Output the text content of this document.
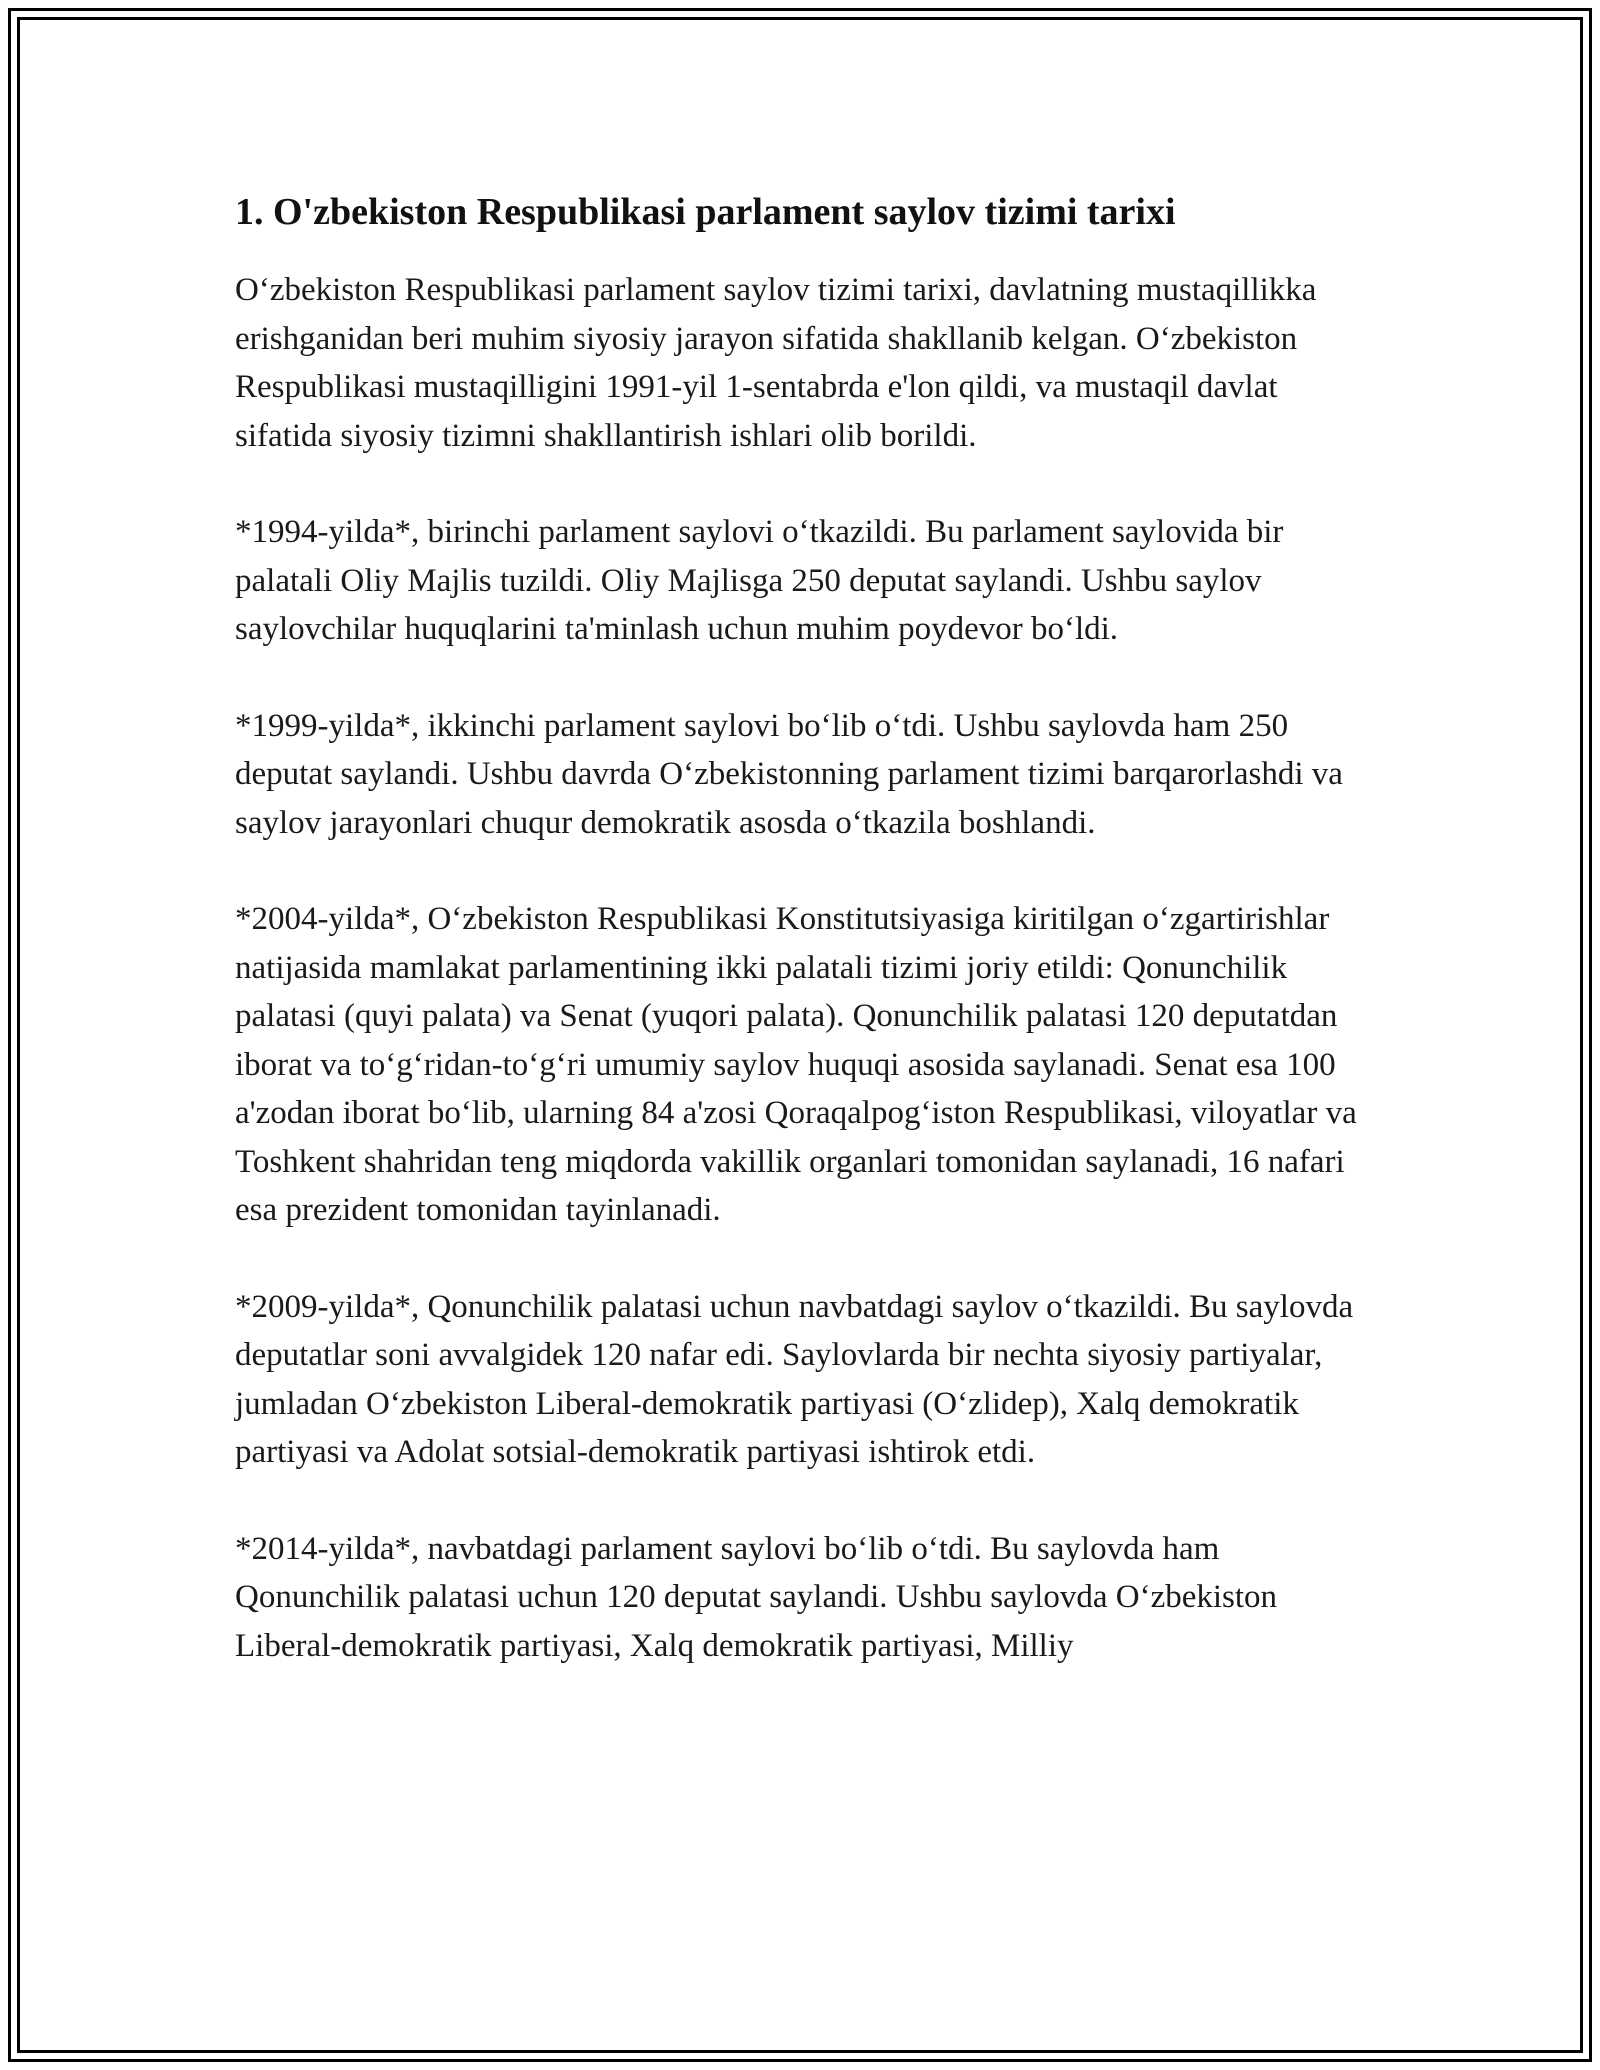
1. O'zbekiston Respublikasi parlament saylov tizimi tarixi

O‘zbekiston Respublikasi parlament saylov tizimi tarixi, davlatning mustaqillikka erishganidan beri muhim siyosiy jarayon sifatida shakllanib kelgan. O‘zbekiston Respublikasi mustaqilligini 1991-yil 1-sentabrda e'lon qildi, va mustaqil davlat sifatida siyosiy tizimni shakllantirish ishlari olib borildi.

*1994-yilda*, birinchi parlament saylovi o‘tkazildi. Bu parlament saylovida bir palatali Oliy Majlis tuzildi. Oliy Majlisga 250 deputat saylandi. Ushbu saylov saylovchilar huquqlarini ta'minlash uchun muhim poydevor bo‘ldi.

*1999-yilda*, ikkinchi parlament saylovi bo‘lib o‘tdi. Ushbu saylovda ham 250 deputat saylandi. Ushbu davrda O‘zbekistonning parlament tizimi barqarorlashdi va saylov jarayonlari chuqur demokratik asosda o‘tkazila boshlandi.

*2004-yilda*, O‘zbekiston Respublikasi Konstitutsiyasiga kiritilgan o‘zgartirishlar natijasida mamlakat parlamentining ikki palatali tizimi joriy etildi: Qonunchilik palatasi (quyi palata) va Senat (yuqori palata). Qonunchilik palatasi 120 deputatdan iborat va to‘g‘ridan-to‘g‘ri umumiy saylov huquqi asosida saylanadi. Senat esa 100 a'zodan iborat bo‘lib, ularning 84 a'zosi Qoraqalpog‘iston Respublikasi, viloyatlar va Toshkent shahridan teng miqdorda vakillik organlari tomonidan saylanadi, 16 nafari esa prezident tomonidan tayinlanadi.

*2009-yilda*, Qonunchilik palatasi uchun navbatdagi saylov o‘tkazildi. Bu saylovda deputatlar soni avvalgidek 120 nafar edi. Saylovlarda bir nechta siyosiy partiyalar, jumladan O‘zbekiston Liberal-demokratik partiyasi (O‘zlidep), Xalq demokratik partiyasi va Adolat sotsial-demokratik partiyasi ishtirok etdi.

*2014-yilda*, navbatdagi parlament saylovi bo‘lib o‘tdi. Bu saylovda ham Qonunchilik palatasi uchun 120 deputat saylandi. Ushbu saylovda O‘zbekiston Liberal-demokratik partiyasi, Xalq demokratik partiyasi, Milliy
